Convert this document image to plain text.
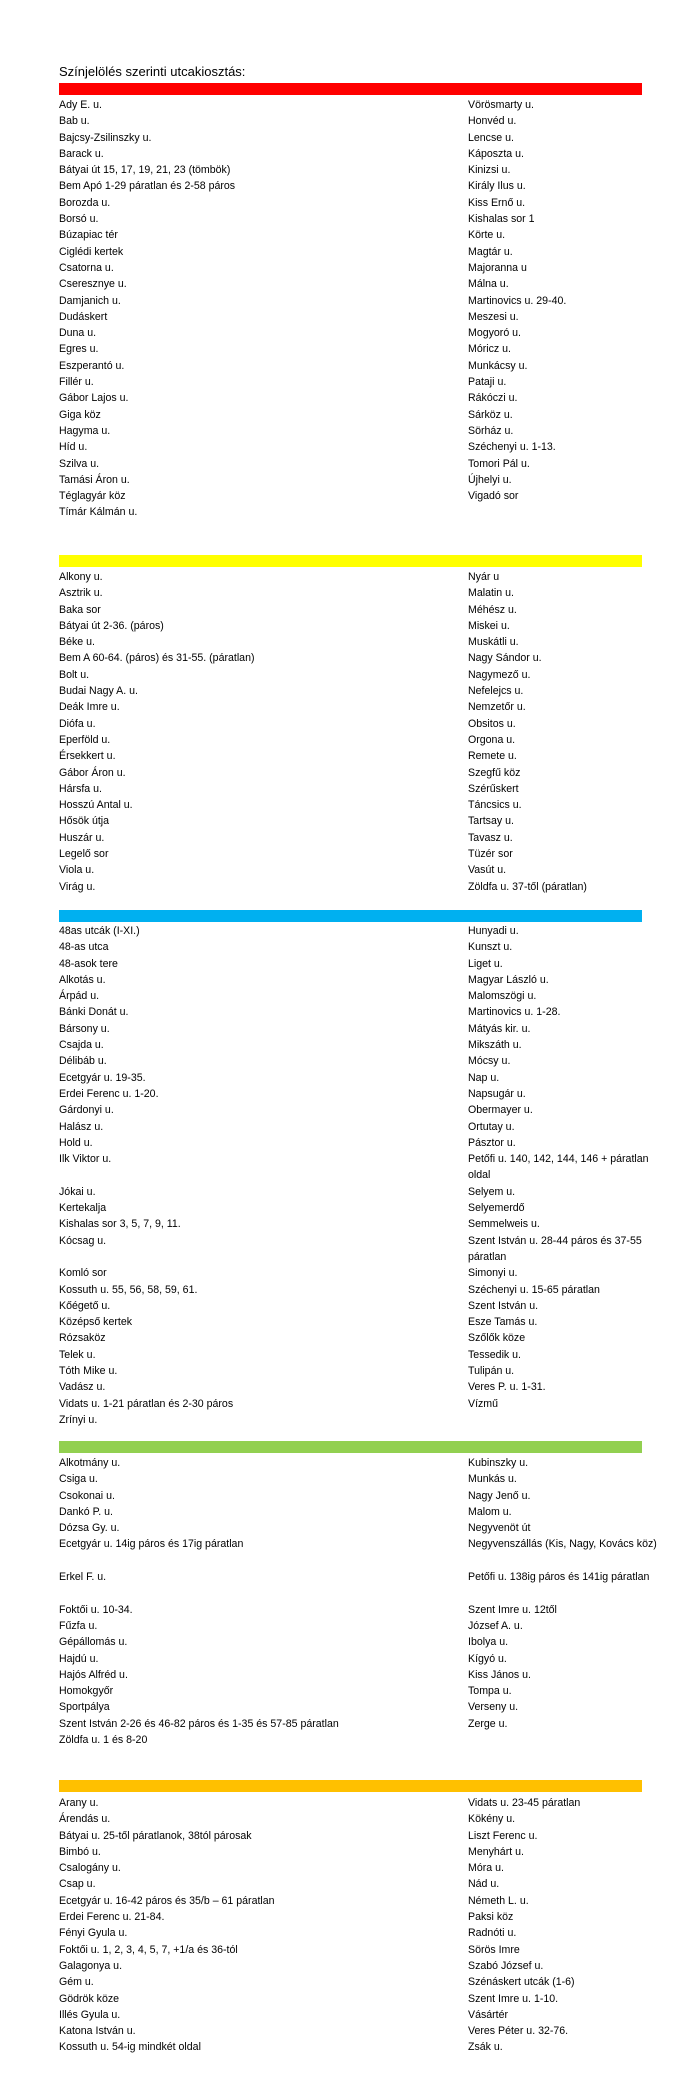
Színjelölés szerinti utcakiosztás:
Ady E. u.
Bab u.
Bajcsy-Zsilinszky u.
Barack u.
Bátyai út 15, 17, 19, 21, 23 (tömbök)
Bem Apó 1-29 páratlan és 2-58 páros
Borozda u.
Borsó u.
Búzapiac tér
Ciglédi kertek
Csatorna u.
Cseresznye u.
Damjanich u.
Dudáskert
Duna u.
Egres u.
Eszperantó u.
Fillér u.
Gábor Lajos u.
Giga köz
Hagyma u.
Híd u.
Szilva u.
Tamási Áron u.
Téglagyár köz
Tímár Kálmán u.
Vörösmarty u.
Honvéd u.
Lencse u.
Káposzta u.
Kinizsi u.
Király Ilus u.
Kiss Ernő u.
Kishalas sor 1
Körte u.
Magtár u.
Majoranna u
Málna u.
Martinovics u. 29-40.
Meszesi u.
Mogyoró u.
Móricz u.
Munkácsy u.
Pataji u.
Rákóczi u.
Sárköz u.
Sörház u.
Széchenyi u. 1-13.
Tomori Pál u.
Újhelyi u.
Vigadó sor
Alkony u.
Asztrik u.
Baka sor
Bátyai út 2-36. (páros)
Béke u.
Bem A 60-64. (páros) és 31-55. (páratlan)
Bolt u.
Budai Nagy A. u.
Deák Imre u.
Diófa u.
Eperföld u.
Érsekkert u.
Gábor Áron u.
Hársfa u.
Hosszú Antal u.
Hősök útja
Huszár u.
Legelő sor
Viola u.
Virág u.
Nyár u
Malatin u.
Méhész u.
Miskei u.
Muskátli u.
Nagy Sándor u.
Nagymező u.
Nefelejcs u.
Nemzetőr u.
Obsitos u.
Orgona u.
Remete u.
Szegfű köz
Szérűskert
Táncsics u.
Tartsay u.
Tavasz u.
Tüzér sor
Vasút u.
Zöldfa u. 37-től (páratlan)
48as utcák (I-XI.)
48-as utca
48-asok tere
Alkotás u.
Árpád u.
Bánki Donát u.
Bársony u.
Csajda u.
Délibáb u.
Ecetgyár u. 19-35.
Erdei Ferenc u. 1-20.
Gárdonyi u.
Halász u.
Hold u.
Ilk Viktor u.

Jókai u.
Kertekalja
Kishalas sor 3, 5, 7, 9, 11.
Kócsag u.

Komló sor
Kossuth u. 55, 56, 58, 59, 61.
Kőégető u.
Középső kertek
Rózsaköz
Telek u.
Tóth Mike u.
Vadász u.
Vidats u. 1-21 páratlan és 2-30 páros
Zrínyi u.
Hunyadi u.
Kunszt u.
Liget u.
Magyar László u.
Malomszögi u.
Martinovics u. 1-28.
Mátyás kir. u.
Mikszáth u.
Mócsy u.
Nap u.
Napsugár u.
Obermayer u.
Ortutay u.
Pásztor u.
Petőfi u. 140, 142, 144, 146 + páratlan oldal
Selyem u.
Selyemerdő
Semmelweis u.
Szent István u. 28-44 páros és 37-55 páratlan
Simonyi u.
Széchenyi u. 15-65 páratlan
Szent István u.
Esze Tamás u.
Szőlők köze
Tessedik u.
Tulipán u.
Veres P. u. 1-31.
Vízmű
Alkotmány u.
Csiga u.
Csokonai u.
Dankó P. u.
Dózsa Gy. u.
Ecetgyár u. 14ig páros és 17ig páratlan

Erkel F. u.

Fokt​ői u. 10-34.
Fűzfa u.
Gépállomás u.
Hajdú u.
Hajós Alfréd u.
Homokgyőr
Sportpálya
Szent István 2-26 és 46-82 páros és 1-35 és 57-85 páratlan
Zöldfa u. 1 és 8-20
Kubinszky u.
Munkás u.
Nagy Jenő u.
Malom u.
Negyvenöt út
Negyvenszállás (Kis, Nagy, Kovács köz)
Petőfi u. 138ig páros és 141ig páratlan
Szent Imre u. 12től
József A. u.
Ibolya u.
Kígyó u.
Kiss János u.
Tompa u.
Verseny u.
Zerge u.
Arany u.
Árendás u.
Bátyai u. 25-től páratlanok, 38tól párosak
Bimbó u.
Csalogány u.
Csap u.
Ecetgyár u. 16-42 páros és 35/b – 61 páratlan
Erdei Ferenc u. 21-84.
Fényi Gyula u.
Foktői u. 1, 2, 3, 4, 5, 7, +1/a és 36-tól
Galagonya u.
Gém u.
Gödrök köze
Illés Gyula u.
Katona István u.
Kossuth u. 54-ig mindkét oldal
Vidats u. 23-45 páratlan
Kökény u.
Liszt Ferenc u.
Menyhárt u.
Móra u.
Nád u.
Németh L. u.
Paksi köz
Radnóti u.
Sörös Imre
Szabó József u.
Szénáskert utcák (1-6)
Szent Imre u. 1-10.
Vásártér
Veres Péter u. 32-76.
Zsák u.
